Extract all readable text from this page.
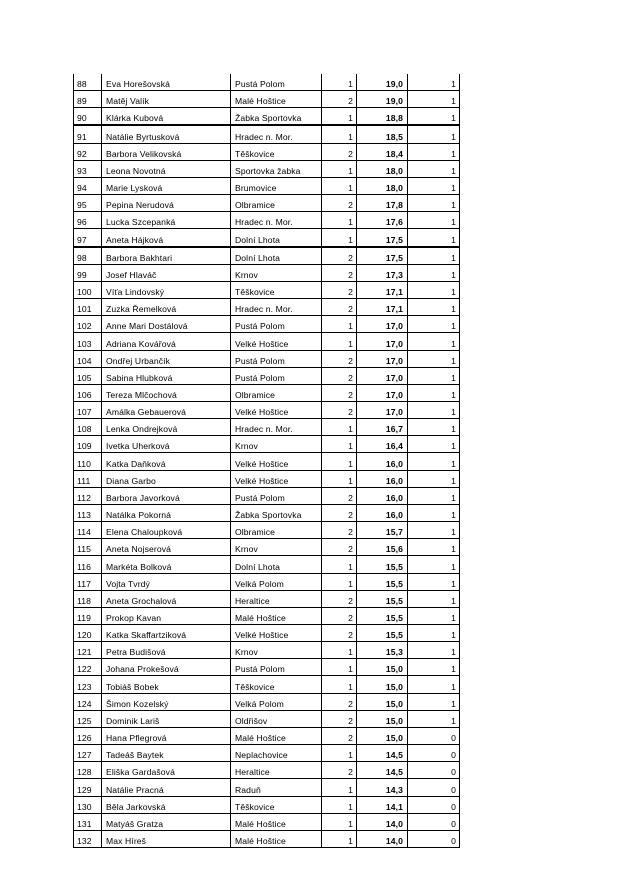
88	Eva Horešovská	Pustá Polom	1	19,0	1
89	Matěj Valík	Malé Hoštice	2	19,0	1
90	Klárka Kubová	Žabka Sportovka	1	18,8	1
91	Natálie Byrtusková	Hradec n. Mor.	1	18,5	1
92	Barbora Velikovská	Těškovice	2	18,4	1
93	Leona Novotná	Sportovka žabka	1	18,0	1
94	Marie Lysková	Brumovice	1	18,0	1
95	Pepina Nerudová	Olbramice	2	17,8	1
96	Lucka Szcepanká	Hradec n. Mor.	1	17,6	1
97	Aneta Hájková	Dolní Lhota	1	17,5	1
98	Barbora Bakhtari	Dolní Lhota	2	17,5	1
99	Josef Hlaváč	Krnov	2	17,3	1
100	Víťa Lindovský	Těškovice	2	17,1	1
101	Zuzka Řemelková	Hradec n. Mor.	2	17,1	1
102	Anne Mari Dostálová	Pustá Polom	1	17,0	1
103	Adriana Kovářová	Velké Hoštice	1	17,0	1
104	Ondřej Urbančík	Pustá Polom	2	17,0	1
105	Sabina Hlubková	Pustá Polom	2	17,0	1
106	Tereza Mlčochová	Olbramice	2	17,0	1
107	Amálka Gebauerová	Velké Hoštice	2	17,0	1
108	Lenka Ondrejková	Hradec n. Mor.	1	16,7	1
109	Ivetka Uherková	Krnov	1	16,4	1
110	Katka Daňková	Velké Hoštice	1	16,0	1
111	Diana Garbo	Velké Hoštice	1	16,0	1
112	Barbora Javorková	Pustá Polom	2	16,0	1
113	Natálka Pokorná	Žabka Sportovka	2	16,0	1
114	Elena Chaloupková	Olbramice	2	15,7	1
115	Aneta Nojserová	Krnov	2	15,6	1
116	Markéta Bolková	Dolní Lhota	1	15,5	1
117	Vojta Tvrdý	Velká Polom	1	15,5	1
118	Aneta Grochalová	Heraltice	2	15,5	1
119	Prokop Kavan	Malé Hoštice	2	15,5	1
120	Katka Skaffartziková	Velké Hoštice	2	15,5	1
121	Petra Budišová	Krnov	1	15,3	1
122	Johana Prokešová	Pustá Polom	1	15,0	1
123	Tobiáš Bobek	Těškovice	1	15,0	1
124	Šimon Kozelský	Velká Polom	2	15,0	1
125	Dominik Lariš	Oldřišov	2	15,0	1
126	Hana Pflegrová	Malé Hoštice	2	15,0	0
127	Tadeáš Baytek	Neplachovice	1	14,5	0
128	Eliška Gardašová	Heraltice	2	14,5	0
129	Natálie Pracná	Raduň	1	14,3	0
130	Běla Jarkovská	Těškovice	1	14,1	0
131	Matyáš Gratza	Malé Hoštice	1	14,0	0
132	Max Híreš	Malé Hoštice	1	14,0	0
